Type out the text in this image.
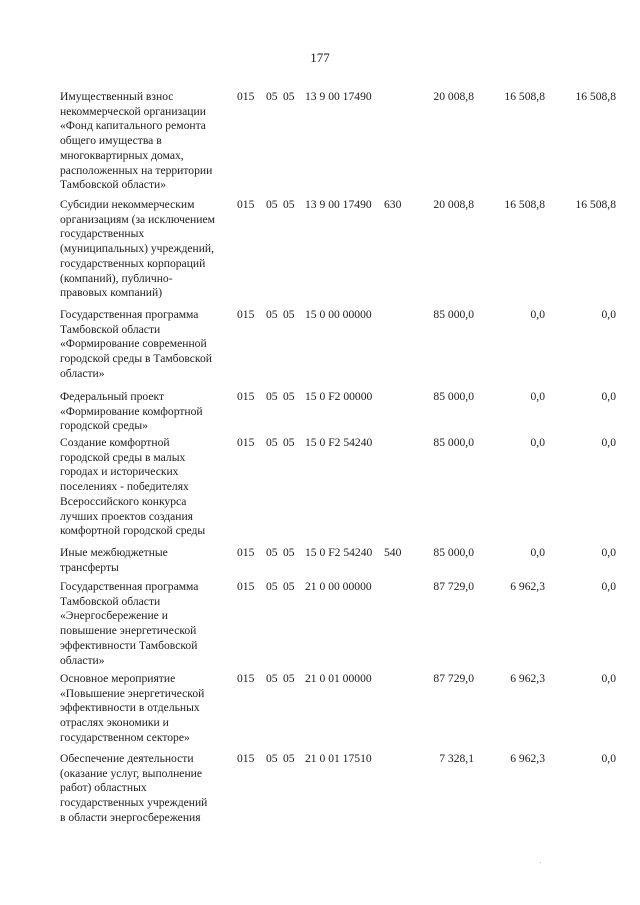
177
Имущественный взнос
некоммерческой организации
«Фонд капитального ремонта
общего имущества в
многоквартирных домах,
расположенных на территории
Тамбовской области»
015 05 05 13 9 00 17490	20 008,8	16 508,8	16 508,8
Субсидии некоммерческим
организациям (за исключением
государственных
(муниципальных) учреждений,
государственных корпораций
(компаний), публично-
правовых компаний)
015 05 05 13 9 00 17490 630	20 008,8	16 508,8	16 508,8
Государственная программа
Тамбовской области
«Формирование современной
городской среды в Тамбовской
области»
015 05 05 15 0 00 00000	85 000,0	0,0	0,0
Федеральный проект
«Формирование комфортной
городской среды»
015 05 05 15 0 F2 00000	85 000,0	0,0	0,0
Создание комфортной
городской среды в малых
городах и исторических
поселениях - победителях
Всероссийского конкурса
лучших проектов создания
комфортной городской среды
015 05 05 15 0 F2 54240	85 000,0	0,0	0,0
Иные межбюджетные
трансферты
015 05 05 15 0 F2 54240 540	85 000,0	0,0	0,0
Государственная программа
Тамбовской области
«Энергосбережение и
повышение энергетической
эффективности Тамбовской
области»
015 05 05 21 0 00 00000	87 729,0	6 962,3	0,0
Основное мероприятие
«Повышение энергетической
эффективности в отдельных
отраслях экономики и
государственном секторе»
015 05 05 21 0 01 00000	87 729,0	6 962,3	0,0
Обеспечение деятельности
(оказание услуг, выполнение
работ) областных
государственных учреждений
в области энергосбережения
015 05 05 21 0 01 17510	7 328,1	6 962,3	0,0
